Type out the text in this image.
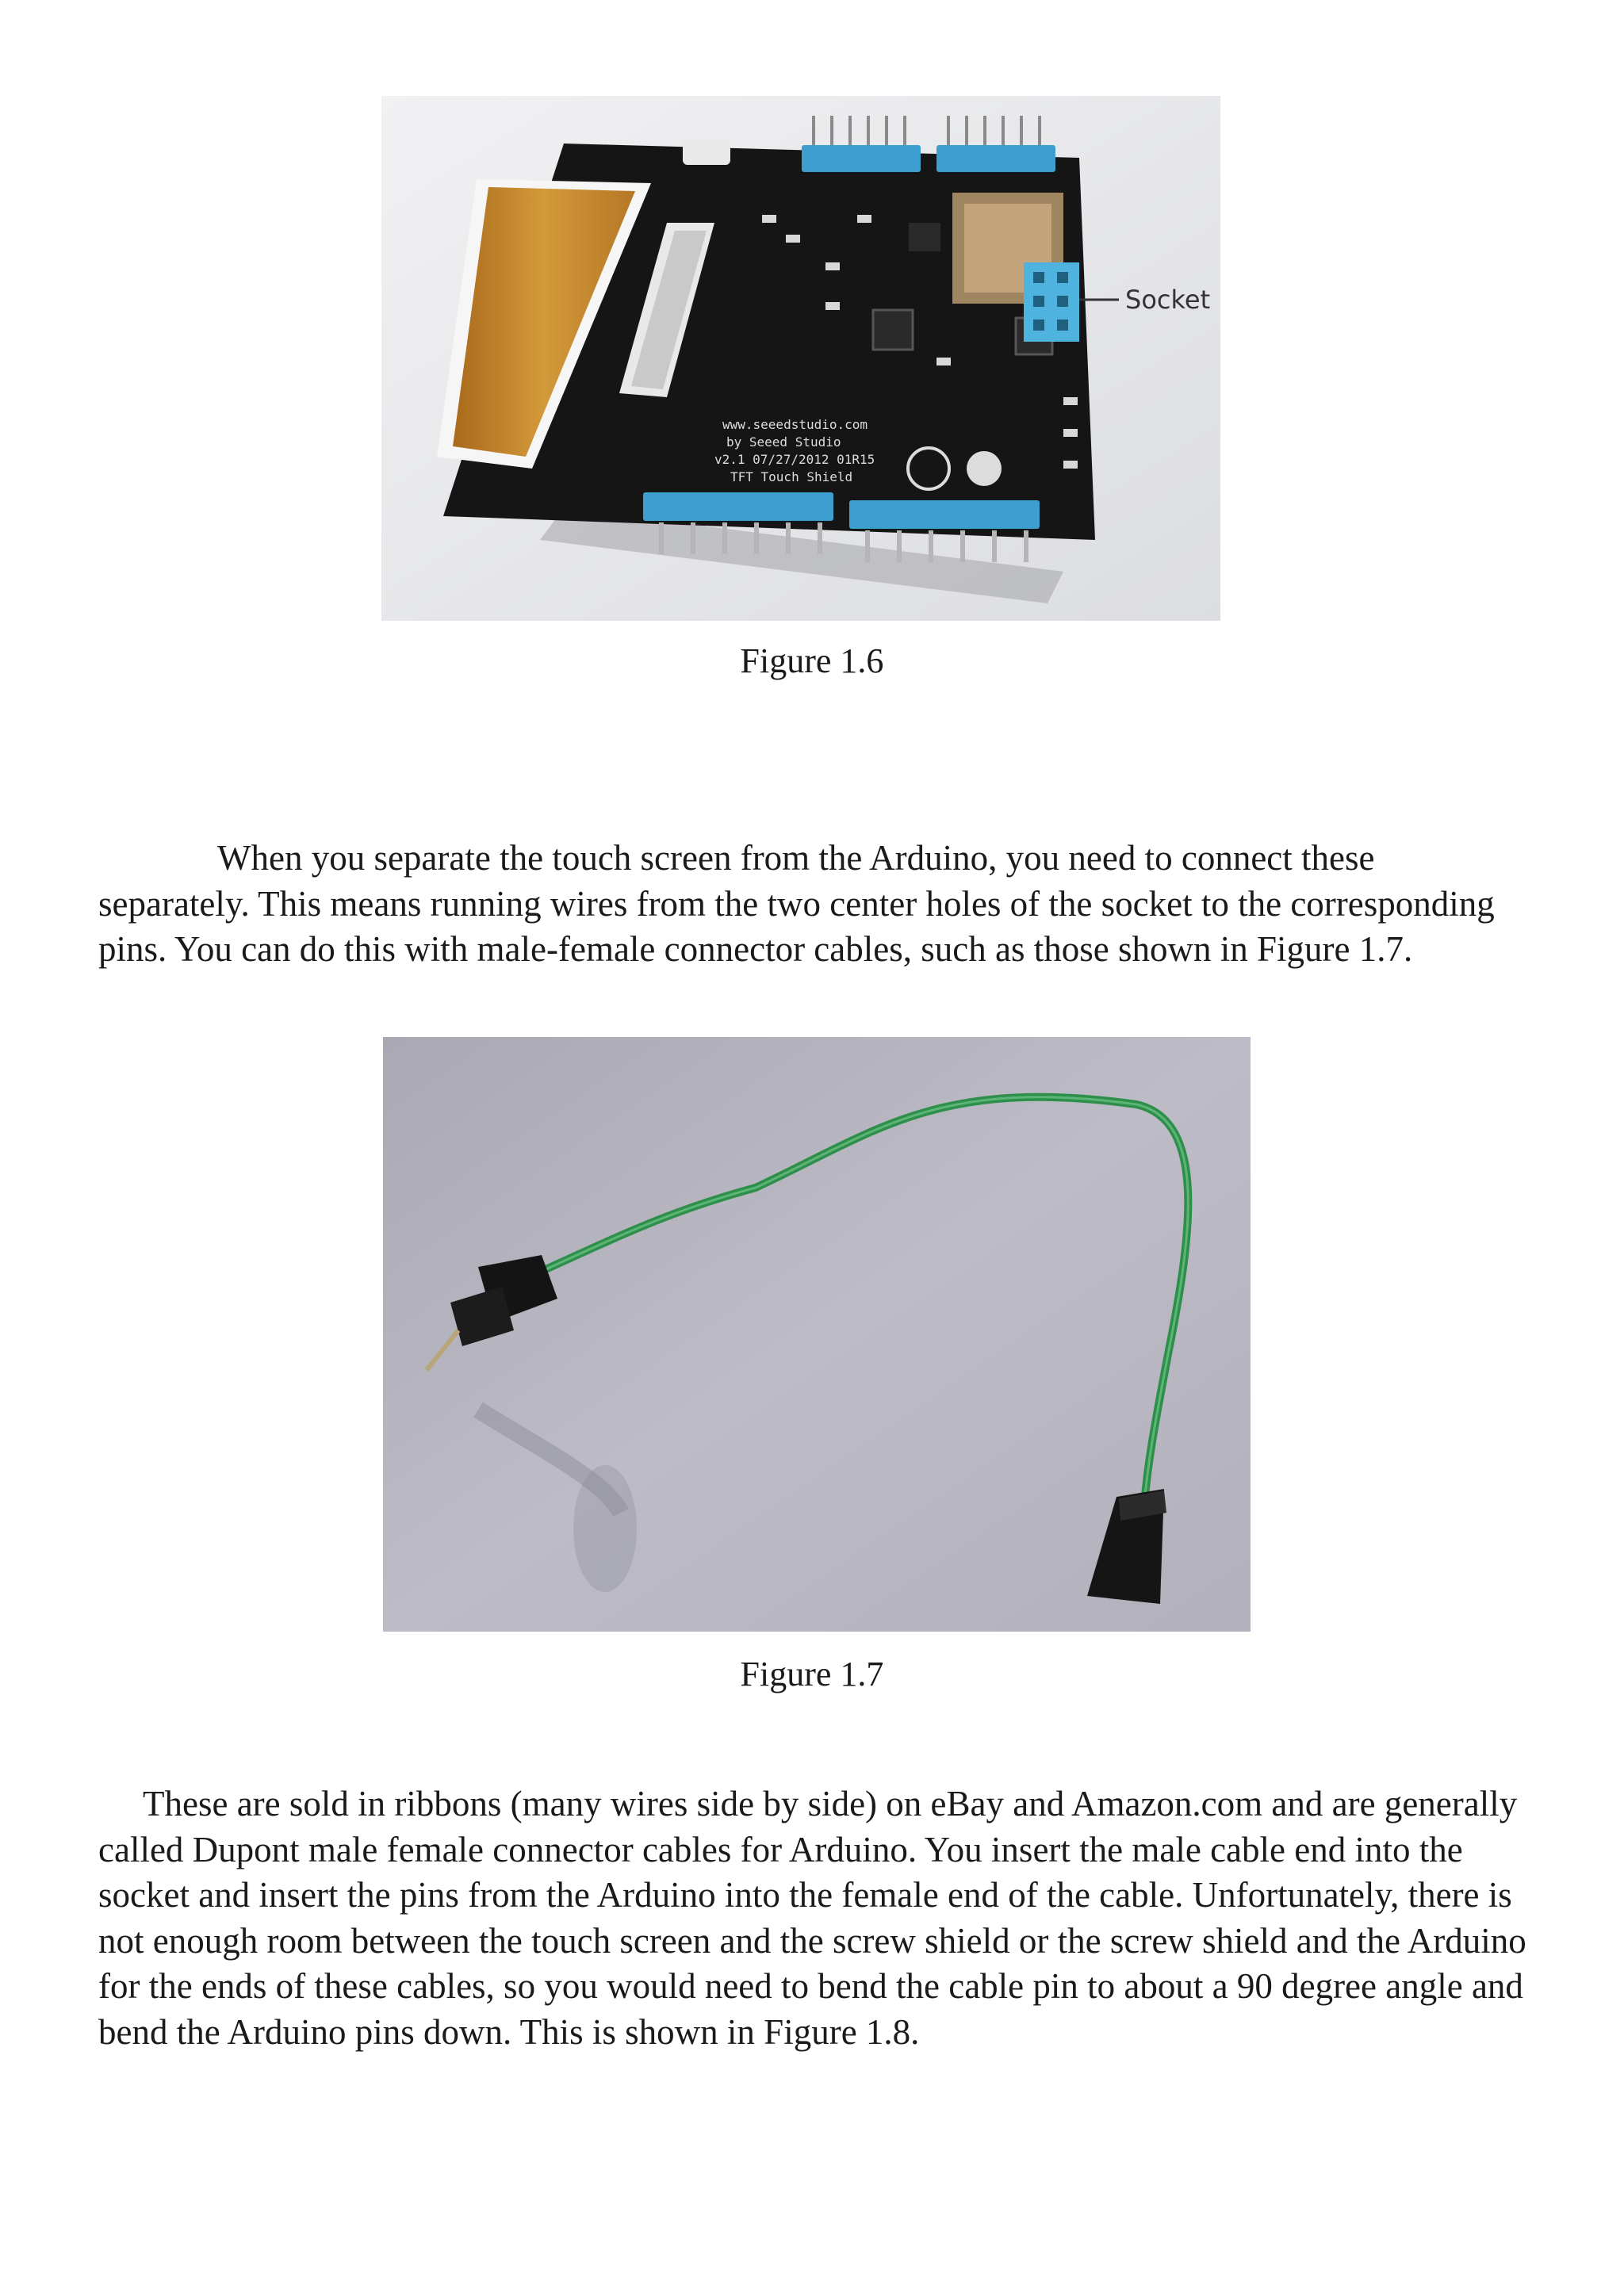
Socket
www.seeedstudio.com
by Seeed Studio
v2.1 07/27/2012 01R15
TFT Touch Shield
Figure 1.6

When you separate the touch screen from the Arduino, you need to connect these separately. This means running wires from the two center holes of the socket to the corresponding pins. You can do this with male-female connector cables, such as those shown in Figure 1.7.

Figure 1.7

These are sold in ribbons (many wires side by side) on eBay and Amazon.com and are generally called Dupont male female connector cables for Arduino. You insert the male cable end into the socket and insert the pins from the Arduino into the female end of the cable. Unfortunately, there is not enough room between the touch screen and the screw shield or the screw shield and the Arduino for the ends of these cables, so you would need to bend the cable pin to about a 90 degree angle and bend the Arduino pins down. This is shown in Figure 1.8.
